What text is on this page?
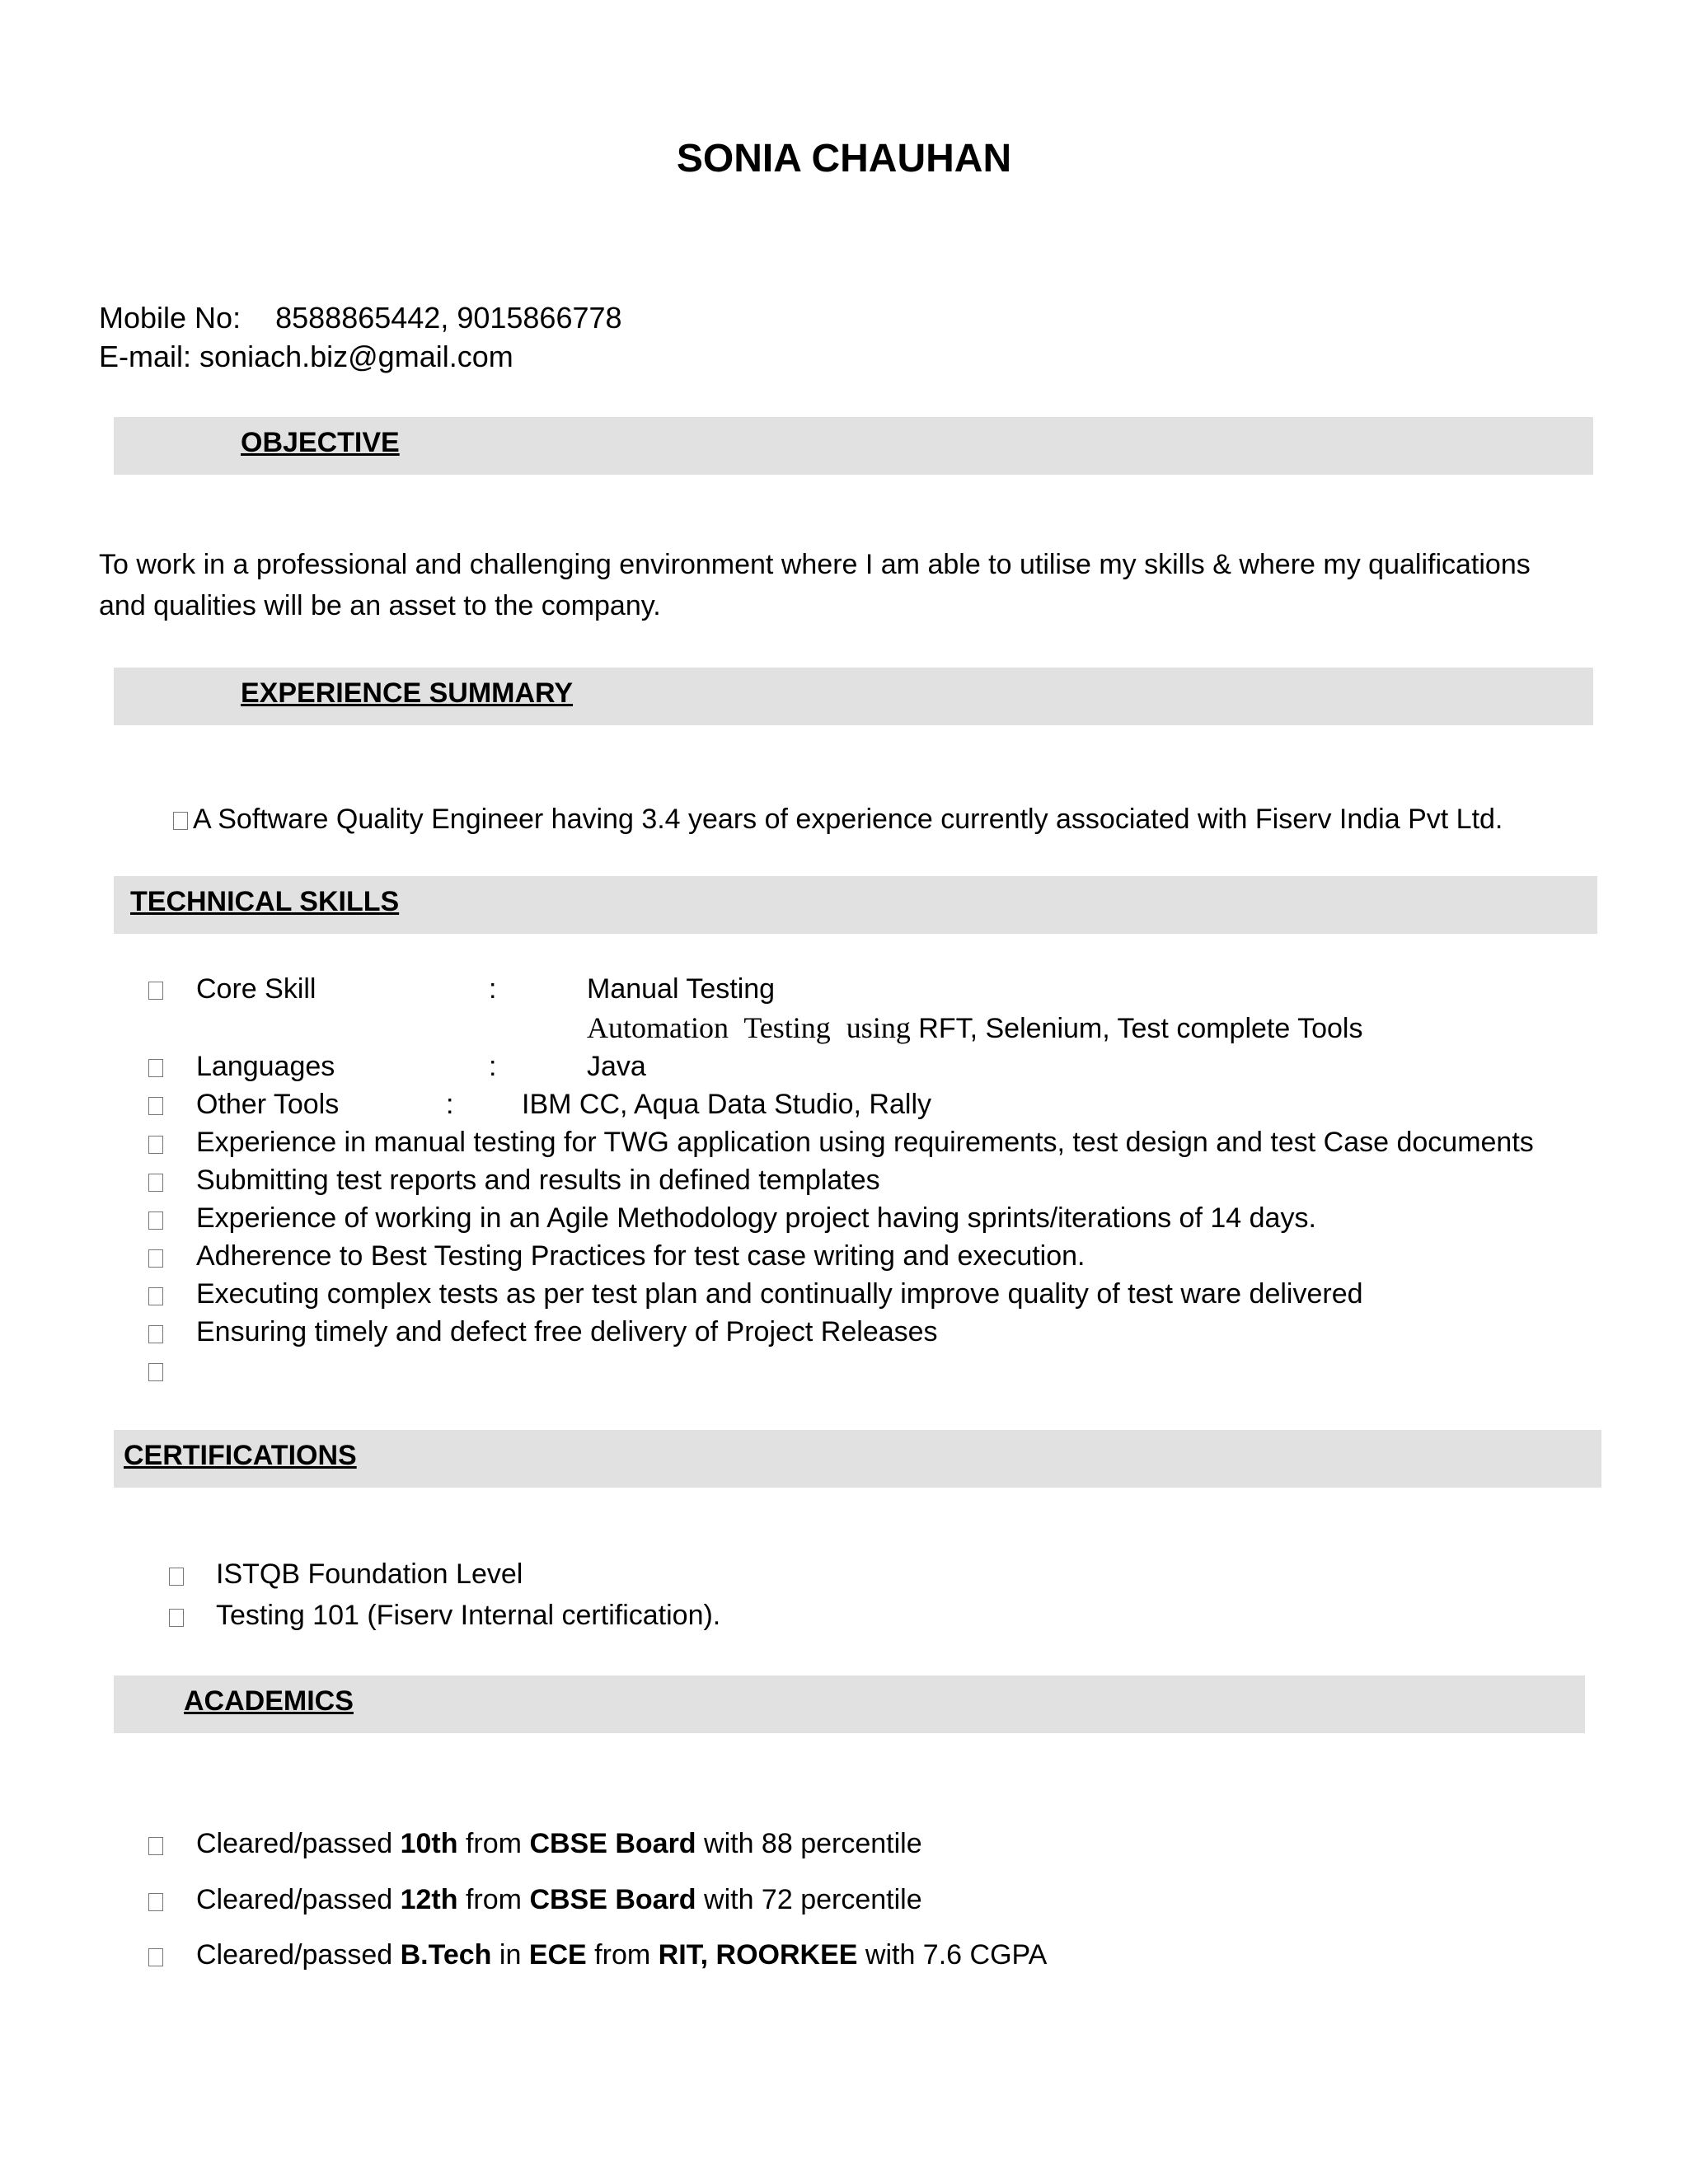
SONIA CHAUHAN
Mobile No: 8588865442, 9015866778
E-mail: soniach.biz@gmail.com
OBJECTIVE
To work in a professional and challenging environment where I am able to utilise my skills & where my qualifications and qualities will be an asset to the company.
EXPERIENCE SUMMARY
A Software Quality Engineer having 3.4 years of experience currently associated with Fiserv India Pvt Ltd.
TECHNICAL SKILLS
Core Skill	:	Manual Testing
Automation Testing using RFT, Selenium, Test complete Tools
Languages	:	Java
Other Tools	: IBM CC, Aqua Data Studio, Rally
Experience in manual testing for TWG application using requirements, test design and test Case documents
Submitting test reports and results in defined templates
Experience of working in an Agile Methodology project having sprints/iterations of 14 days.
Adherence to Best Testing Practices for test case writing and execution.
Executing complex tests as per test plan and continually improve quality of test ware delivered
Ensuring timely and defect free delivery of Project Releases
CERTIFICATIONS
ISTQB Foundation Level
Testing 101 (Fiserv Internal certification).
ACADEMICS
Cleared/passed 10th from CBSE Board with 88 percentile
Cleared/passed 12th from CBSE Board with 72 percentile
Cleared/passed B.Tech in ECE from RIT, ROORKEE with 7.6 CGPA
